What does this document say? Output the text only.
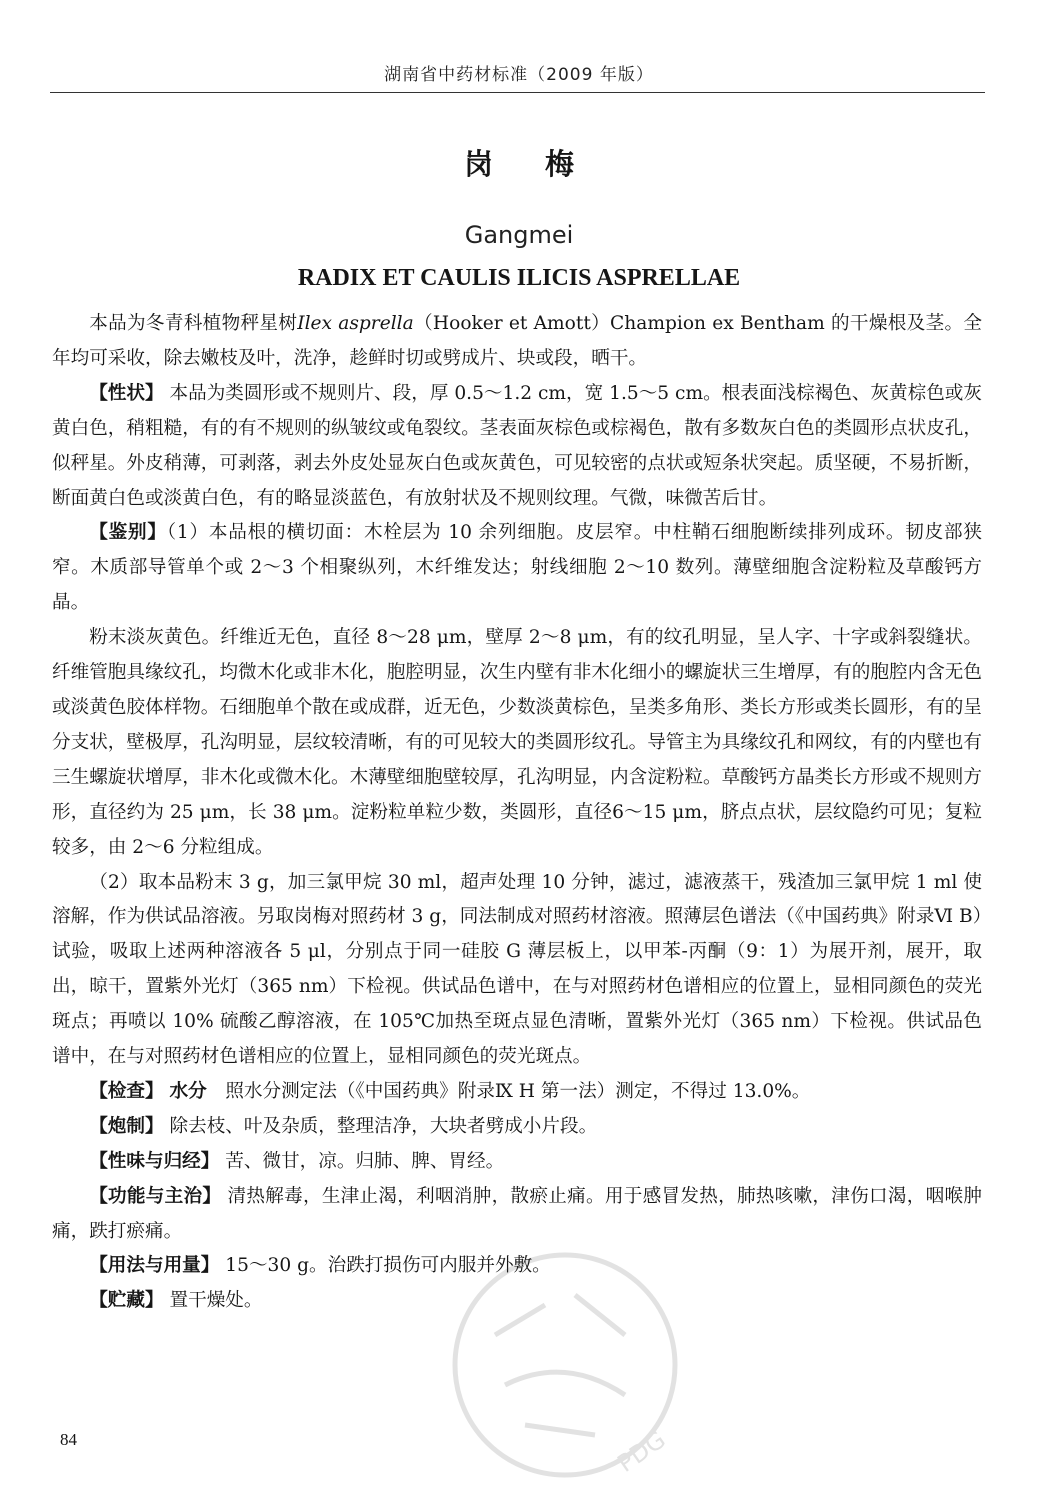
湖南省中药材标准（2009 年版）
岗梅
Gangmei
RADIX ET CAULIS ILICIS ASPRELLAE

本品为冬青科植物秤星树Ilex asprella（Hooker et Amott）Champion ex Bentham 的干燥根及茎。全年均可采收，除去嫩枝及叶，洗净，趁鲜时切或劈成片、块或段，晒干。

【性状】 本品为类圆形或不规则片、段，厚 0.5～1.2 cm，宽 1.5～5 cm。根表面浅棕褐色、灰黄棕色或灰黄白色，稍粗糙，有的有不规则的纵皱纹或龟裂纹。茎表面灰棕色或棕褐色，散有多数灰白色的类圆形点状皮孔，似秤星。外皮稍薄，可剥落，剥去外皮处显灰白色或灰黄色，可见较密的点状或短条状突起。质坚硬，不易折断，断面黄白色或淡黄白色，有的略显淡蓝色，有放射状及不规则纹理。气微，味微苦后甘。

【鉴别】（1）本品根的横切面：木栓层为 10 余列细胞。皮层窄。中柱鞘石细胞断续排列成环。韧皮部狭窄。木质部导管单个或 2～3 个相聚纵列，木纤维发达；射线细胞 2～10 数列。薄壁细胞含淀粉粒及草酸钙方晶。

粉末淡灰黄色。纤维近无色，直径 8～28 μm，壁厚 2～8 μm，有的纹孔明显，呈人字、十字或斜裂缝状。纤维管胞具缘纹孔，均微木化或非木化，胞腔明显，次生内壁有非木化细小的螺旋状三生增厚，有的胞腔内含无色或淡黄色胶体样物。石细胞单个散在或成群，近无色，少数淡黄棕色，呈类多角形、类长方形或类长圆形，有的呈分支状，壁极厚，孔沟明显，层纹较清晰，有的可见较大的类圆形纹孔。导管主为具缘纹孔和网纹，有的内壁也有三生螺旋状增厚，非木化或微木化。木薄壁细胞壁较厚，孔沟明显，内含淀粉粒。草酸钙方晶类长方形或不规则方形，直径约为 25 μm，长 38 μm。淀粉粒单粒少数，类圆形，直径6～15 μm，脐点点状，层纹隐约可见；复粒较多，由 2～6 分粒组成。

（2）取本品粉末 3 g，加三氯甲烷 30 ml，超声处理 10 分钟，滤过，滤液蒸干，残渣加三氯甲烷 1 ml 使溶解，作为供试品溶液。另取岗梅对照药材 3 g，同法制成对照药材溶液。照薄层色谱法（《中国药典》附录Ⅵ B）试验，吸取上述两种溶液各 5 μl，分别点于同一硅胶 G 薄层板上，以甲苯-丙酮（9：1）为展开剂，展开，取出，晾干，置紫外光灯（365 nm）下检视。供试品色谱中，在与对照药材色谱相应的位置上，显相同颜色的荧光斑点；再喷以 10% 硫酸乙醇溶液，在 105℃加热至斑点显色清晰，置紫外光灯（365 nm）下检视。供试品色谱中，在与对照药材色谱相应的位置上，显相同颜色的荧光斑点。

【检查】 水分　 照水分测定法（《中国药典》附录Ⅸ H 第一法）测定，不得过 13.0%。

【炮制】 除去枝、叶及杂质，整理洁净，大块者劈成小片段。

【性味与归经】 苦、微甘，凉。归肺、脾、胃经。

【功能与主治】 清热解毒，生津止渴，利咽消肿，散瘀止痛。用于感冒发热，肺热咳嗽，津伤口渴，咽喉肿痛，跌打瘀痛。

【用法与用量】 15～30 g。治跌打损伤可内服并外敷。

【贮藏】 置干燥处。

84	PDG
